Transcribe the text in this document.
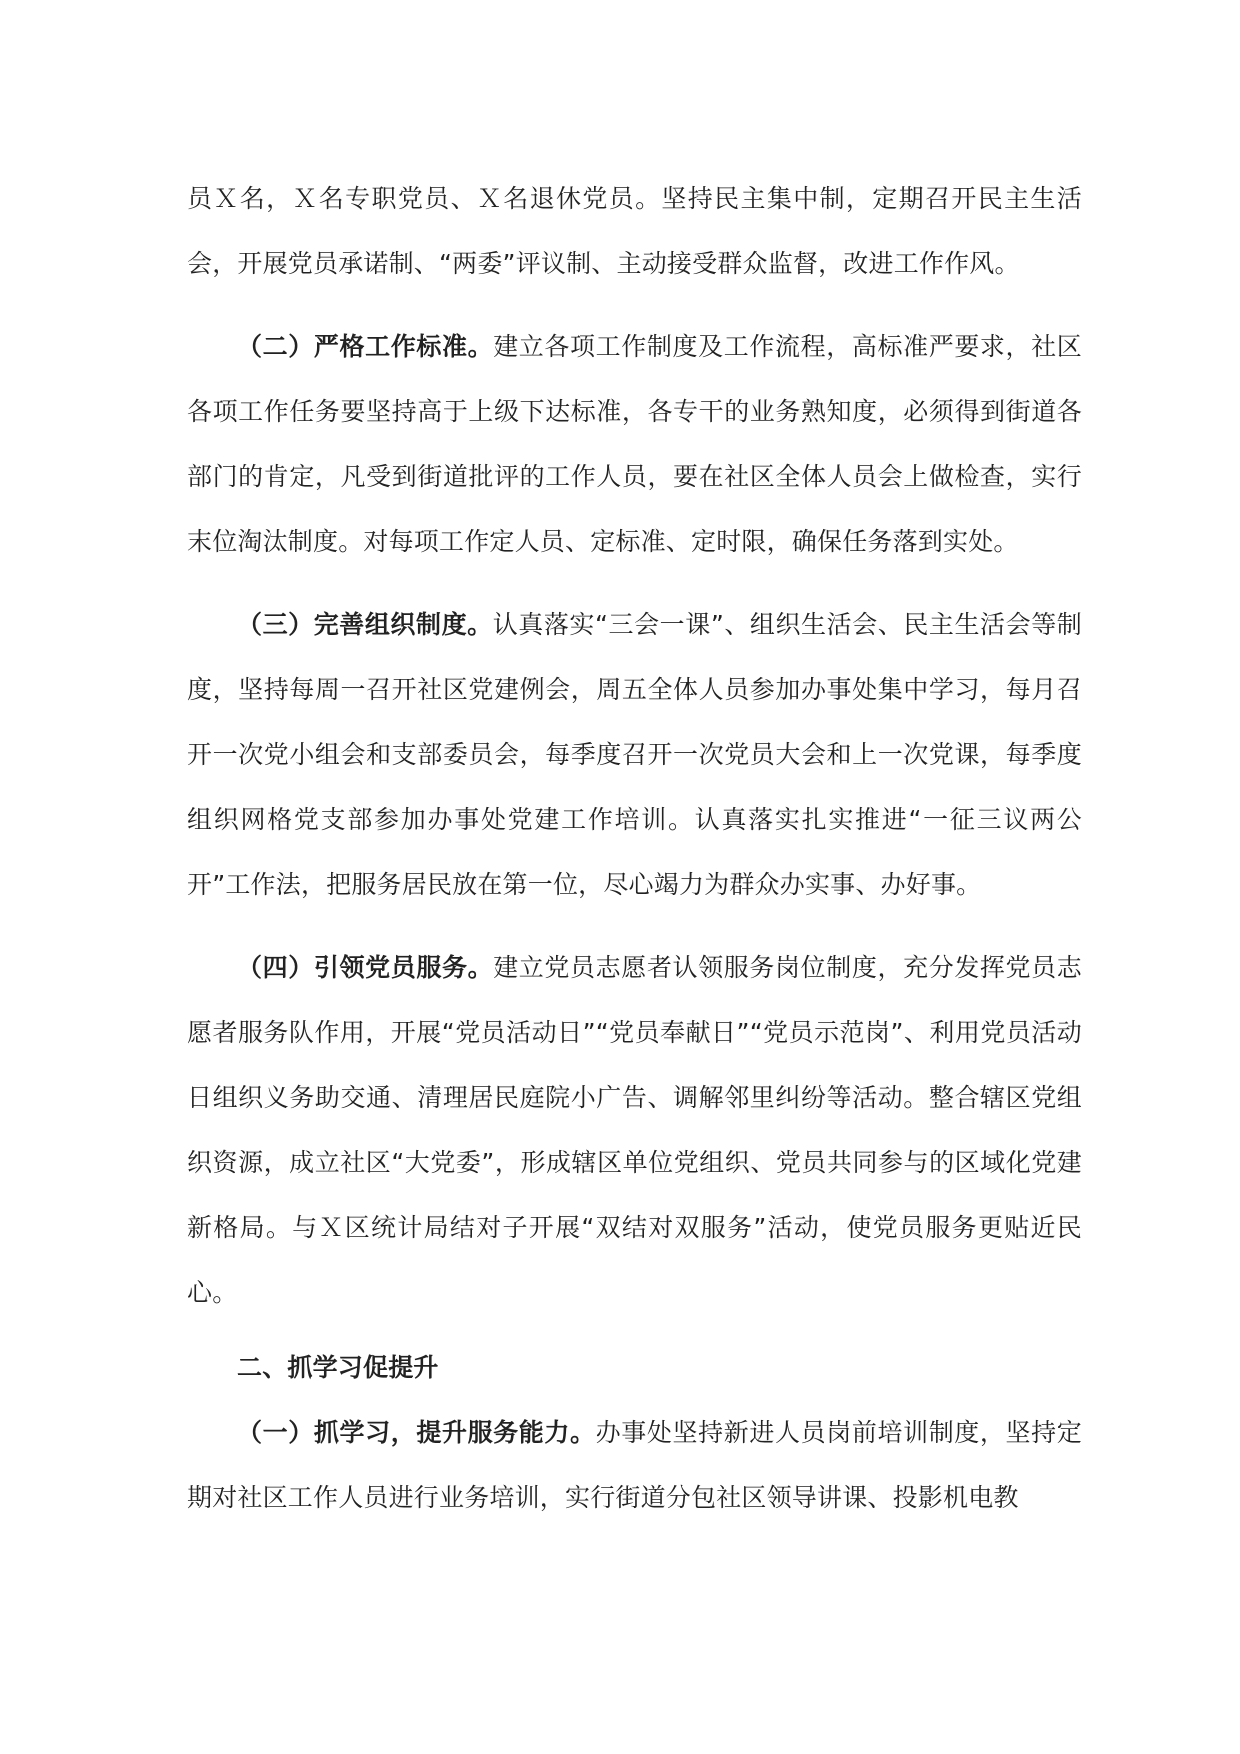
员Ｘ名，Ｘ名专职党员、Ｘ名退休党员。坚持民主集中制，定期召开民主生活会，开展党员承诺制、“两委”评议制、主动接受群众监督，改进工作作风。

（二）严格工作标准。建立各项工作制度及工作流程，高标准严要求，社区各项工作任务要坚持高于上级下达标准，各专干的业务熟知度，必须得到街道各部门的肯定，凡受到街道批评的工作人员，要在社区全体人员会上做检查，实行末位淘汰制度。对每项工作定人员、定标准、定时限，确保任务落到实处。

（三）完善组织制度。认真落实“三会一课”、组织生活会、民主生活会等制度，坚持每周一召开社区党建例会，周五全体人员参加办事处集中学习，每月召开一次党小组会和支部委员会，每季度召开一次党员大会和上一次党课，每季度组织网格党支部参加办事处党建工作培训。认真落实扎实推进“一征三议两公开”工作法，把服务居民放在第一位，尽心竭力为群众办实事、办好事。

（四）引领党员服务。建立党员志愿者认领服务岗位制度，充分发挥党员志愿者服务队作用，开展“党员活动日”“党员奉献日”“党员示范岗”、利用党员活动日组织义务助交通、清理居民庭院小广告、调解邻里纠纷等活动。整合辖区党组织资源，成立社区“大党委”，形成辖区单位党组织、党员共同参与的区域化党建新格局。与Ｘ区统计局结对子开展“双结对双服务”活动，使党员服务更贴近民心。

二、抓学习促提升

（一）抓学习，提升服务能力。办事处坚持新进人员岗前培训制度，坚持定期对社区工作人员进行业务培训，实行街道分包社区领导讲课、投影机电教
